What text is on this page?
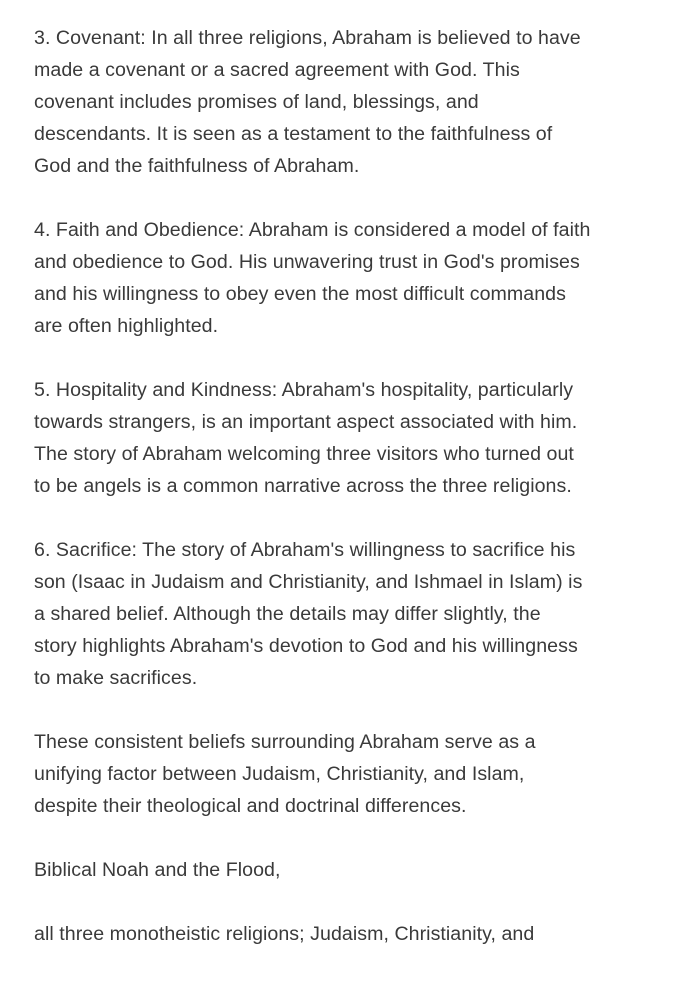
3. Covenant: In all three religions, Abraham is believed to have
made a covenant or a sacred agreement with God. This
covenant includes promises of land, blessings, and
descendants. It is seen as a testament to the faithfulness of
God and the faithfulness of Abraham.

4. Faith and Obedience: Abraham is considered a model of faith
and obedience to God. His unwavering trust in God's promises
and his willingness to obey even the most difficult commands
are often highlighted.

5. Hospitality and Kindness: Abraham's hospitality, particularly
towards strangers, is an important aspect associated with him.
The story of Abraham welcoming three visitors who turned out
to be angels is a common narrative across the three religions.

6. Sacrifice: The story of Abraham's willingness to sacrifice his
son (Isaac in Judaism and Christianity, and Ishmael in Islam) is
a shared belief. Although the details may differ slightly, the
story highlights Abraham's devotion to God and his willingness
to make sacrifices.

These consistent beliefs surrounding Abraham serve as a
unifying factor between Judaism, Christianity, and Islam,
despite their theological and doctrinal differences.

Biblical Noah and the Flood,

all three monotheistic religions; Judaism, Christianity, and
